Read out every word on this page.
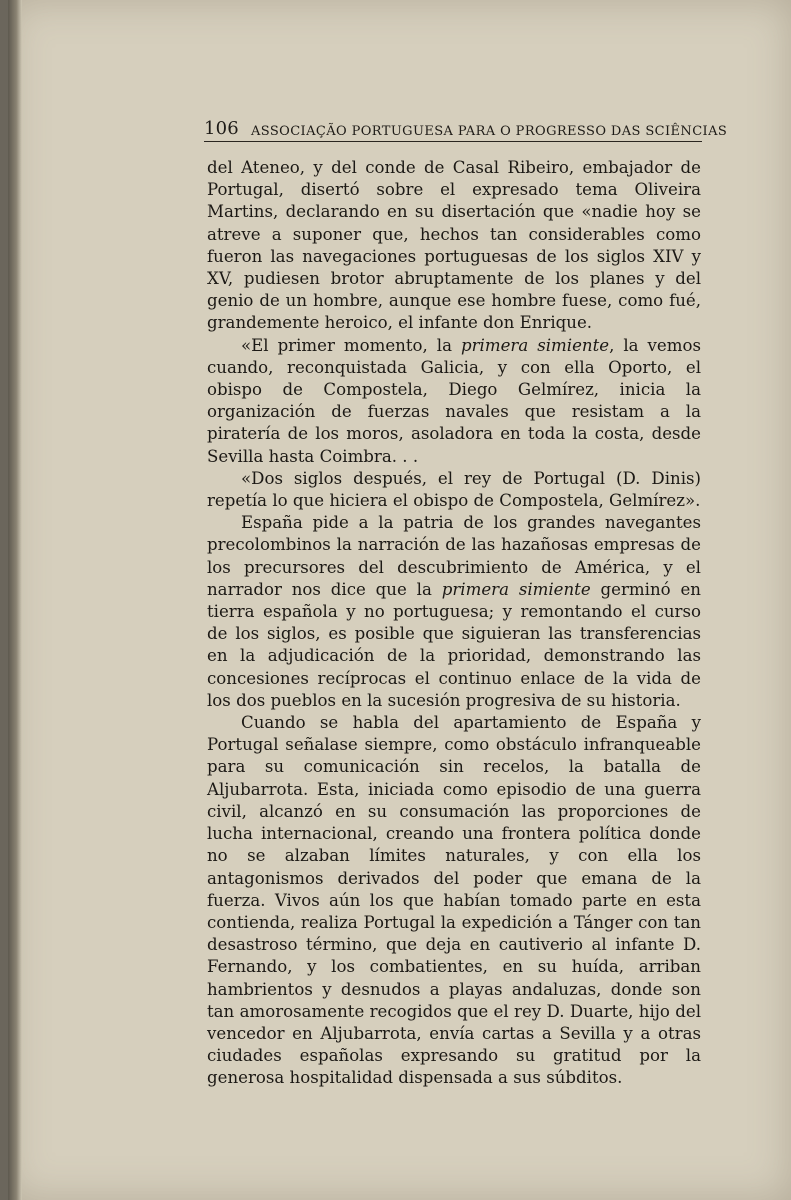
106 ASSOCIAÇÃO PORTUGUESA PARA O PROGRESSO DAS SCIÊNCIAS

del Ateneo, y del conde de Casal Ribeiro, embajador de Portugal, disertó sobre el expresado tema Oliveira Martins, declarando en su disertación que «nadie hoy se atreve a suponer que, hechos tan considerables como fueron las navegaciones portuguesas de los siglos XIV y XV, pudiesen brotor abruptamente de los planes y del genio de un hombre, aunque ese hombre fuese, como fué, grandemente heroico, el infante don Enrique.

«El primer momento, la primera simiente, la vemos cuando, reconquistada Galicia, y con ella Oporto, el obispo de Compostela, Diego Gelmírez, inicia la organización de fuerzas navales que resistam a la piratería de los moros, asoladora en toda la costa, desde Sevilla hasta Coimbra. . .

«Dos siglos después, el rey de Portugal (D. Dinis) repetía lo que hiciera el obispo de Compostela, Gelmírez».

España pide a la patria de los grandes navegantes precolombinos la narración de las hazañosas empresas de los precursores del descubrimiento de América, y el narrador nos dice que la primera simiente germinó en tierra española y no portuguesa; y remontando el curso de los siglos, es posible que siguieran las transferencias en la adjudicación de la prioridad, demonstrando las concesiones recíprocas el continuo enlace de la vida de los dos pueblos en la sucesión progresiva de su historia.

Cuando se habla del apartamiento de España y Portugal señalase siempre, como obstáculo infranqueable para su comunicación sin recelos, la batalla de Aljubarrota. Esta, iniciada como episodio de una guerra civil, alcanzó en su consumación las proporciones de lucha internacional, creando una frontera política donde no se alzaban límites naturales, y con ella los antagonismos derivados del poder que emana de la fuerza. Vivos aún los que habían tomado parte en esta contienda, realiza Portugal la expedición a Tánger con tan desastroso término, que deja en cautiverio al infante D. Fernando, y los combatientes, en su huída, arriban hambrientos y desnudos a playas andaluzas, donde son tan amorosamente recogidos que el rey D. Duarte, hijo del vencedor en Aljubarrota, envía cartas a Sevilla y a otras ciudades españolas expresando su gratitud por la generosa hospitalidad dispensada a sus súbditos.
